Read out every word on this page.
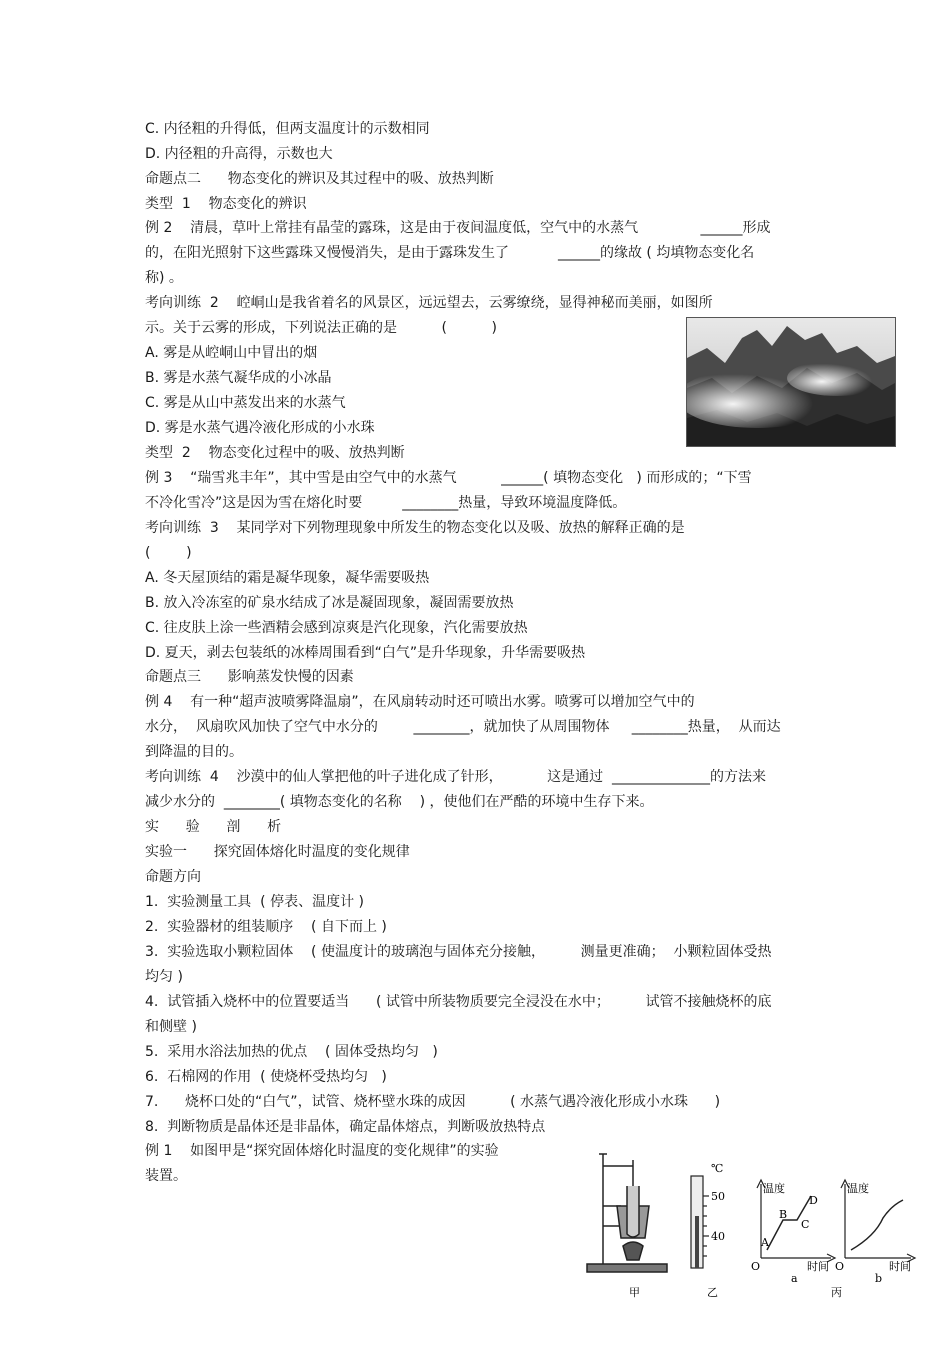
C. 内径粗的升得低，但两支温度计的示数相同
D. 内径粗的升高得，示数也大
命题点二      物态变化的辨识及其过程中的吸、放热判断
类型  1    物态变化的辨识
例 2    清晨，草叶上常挂有晶莹的露珠，这是由于夜间温度低，空气中的水蒸气              ______形成
的，在阳光照射下这些露珠又慢慢消失，是由于露珠发生了           ______的缘故 ( 均填物态变化名
称) 。
考向训练  2    崆峒山是我省着名的风景区，远远望去，云雾缭绕，显得神秘而美丽，如图所
示。关于云雾的形成，下列说法正确的是          (          )
A. 雾是从崆峒山中冒出的烟
B. 雾是水蒸气凝华成的小冰晶
C. 雾是从山中蒸发出来的水蒸气
D. 雾是水蒸气遇冷液化形成的小水珠
类型  2    物态变化过程中的吸、放热判断
例 3    “瑞雪兆丰年”，其中雪是由空气中的水蒸气          ______( 填物态变化   ) 而形成的；“下雪
不冷化雪冷”这是因为雪在熔化时要         ________热量，导致环境温度降低。
考向训练  3    某同学对下列物理现象中所发生的物态变化以及吸、放热的解释正确的是
(        )
A. 冬天屋顶结的霜是凝华现象，凝华需要吸热
B. 放入冷冻室的矿泉水结成了冰是凝固现象，凝固需要放热
C. 往皮肤上涂一些酒精会感到凉爽是汽化现象，汽化需要放热
D. 夏天，剥去包装纸的冰棒周围看到“白气”是升华现象，升华需要吸热
命题点三      影响蒸发快慢的因素
例 4    有一种“超声波喷雾降温扇”，在风扇转动时还可喷出水雾。喷雾可以增加空气中的
水分，  风扇吹风加快了空气中水分的        ________，就加快了从周围物体     ________热量，  从而达
到降温的目的。
考向训练  4    沙漠中的仙人掌把他的叶子进化成了针形，          这是通过  ______________的方法来
减少水分的  ________( 填物态变化的名称    ) ，使他们在严酷的环境中生存下来。
实      验      剖      析
实验一      探究固体熔化时温度的变化规律
命题方向
1.  实验测量工具  ( 停表、温度计 )
2.  实验器材的组装顺序    ( 自下而上 )
3.  实验选取小颗粒固体    ( 使温度计的玻璃泡与固体充分接触，        测量更准确；  小颗粒固体受热
均匀 )
4.  试管插入烧杯中的位置要适当      ( 试管中所装物质要完全浸没在水中；        试管不接触烧杯的底
和侧壁 )
5.  采用水浴法加热的优点    ( 固体受热均匀   )
6.  石棉网的作用  ( 使烧杯受热均匀   )
7.      烧杯口处的“白气”，试管、烧杯壁水珠的成因          ( 水蒸气遇冷液化形成小水珠      )
8.  判断物质是晶体还是非晶体，确定晶体熔点，判断吸放热特点
例 1    如图甲是“探究固体熔化时温度的变化规律”的实验
装置。	℃
50
40
温度
时间
O
a
A
B
C
D
温度
时间
O
b
甲	乙	丙
